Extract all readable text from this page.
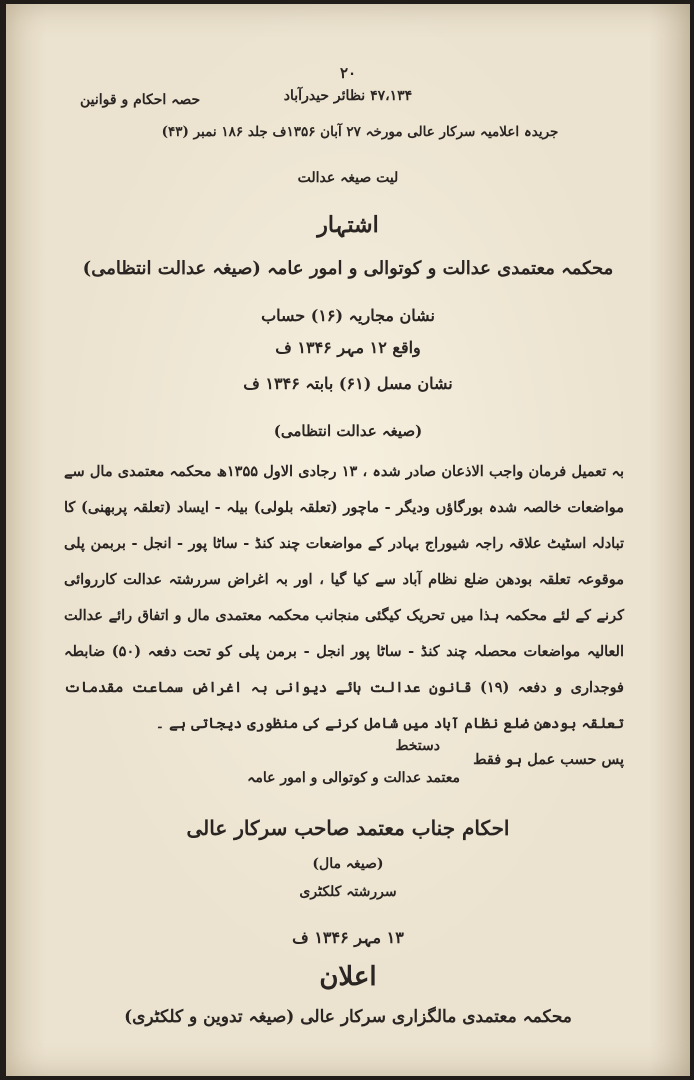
٢٠
۴۷،۱۳۴ نظائر حیدرآباد
حصہ احکام و قوانین
جریدہ اعلامیہ سرکار عالی مورخہ ۲۷ آبان ۱۳۵۶ف جلد ۱۸۶ نمبر (۴۳)
لیت صیغہ عدالت
اشتہار
محکمہ معتمدی عدالت و کوتوالی و امور عامہ (صیغہ عدالت انتظامی)
نشان مجاریہ (۱۶) حساب
واقع ۱۲ مہر ۱۳۴۶ ف
نشان مسل (۶۱) بابتہ ۱۳۴۶ ف
(صیغہ عدالت انتظامی)

بہ تعمیل فرمان واجب الاذعان صادر شدہ ، ۱۳ رجادی الاول ۱۳۵۵ھ محکمہ معتمدی مال سے مواضعات خالصہ شدہ بورگاؤں ودیگر - ماچور (تعلقہ بلولی) بیلہ - ایساد (تعلقہ پربھنی) کا تبادلہ اسٹیٹ علاقہ راجہ شیوراج بہادر کے مواضعات چند کنڈ - ساٹا پور - انجل - بربمن پلی موقوعہ تعلقہ بودھن ضلع نظام آباد سے کیا گیا ، اور بہ اغراض سررشتہ عدالت کارروائی کرنے کے لئے محکمہ ہذا میں تحریک کیگئی منجانب محکمہ معتمدی مال و اتفاق رائے عدالت العالیہ مواضعات محصلہ چند کنڈ - ساٹا پور انجل - برمن پلی کو تحت دفعہ (۵۰) ضابطہ فوجداری و دفعہ (۱۹) قانون عدالت ہائے دیوانی بہ اغراض سماعت مقدمات تعلقہ بودھن ضلع نظام آباد میں شامل کرنے کی منظوری دیجاتی ہے ۔

پس حسب عمل ہو فقط

دستخط
معتمد عدالت و کوتوالی و امور عامہ
احکام جناب معتمد صاحب سرکار عالی
(صیغہ مال)
سررشتہ کلکٹری
۱۳ مہر ۱۳۴۶ ف
اعلان
محکمہ معتمدی مالگزاری سرکار عالی (صیغہ تدوین و کلکٹری)
